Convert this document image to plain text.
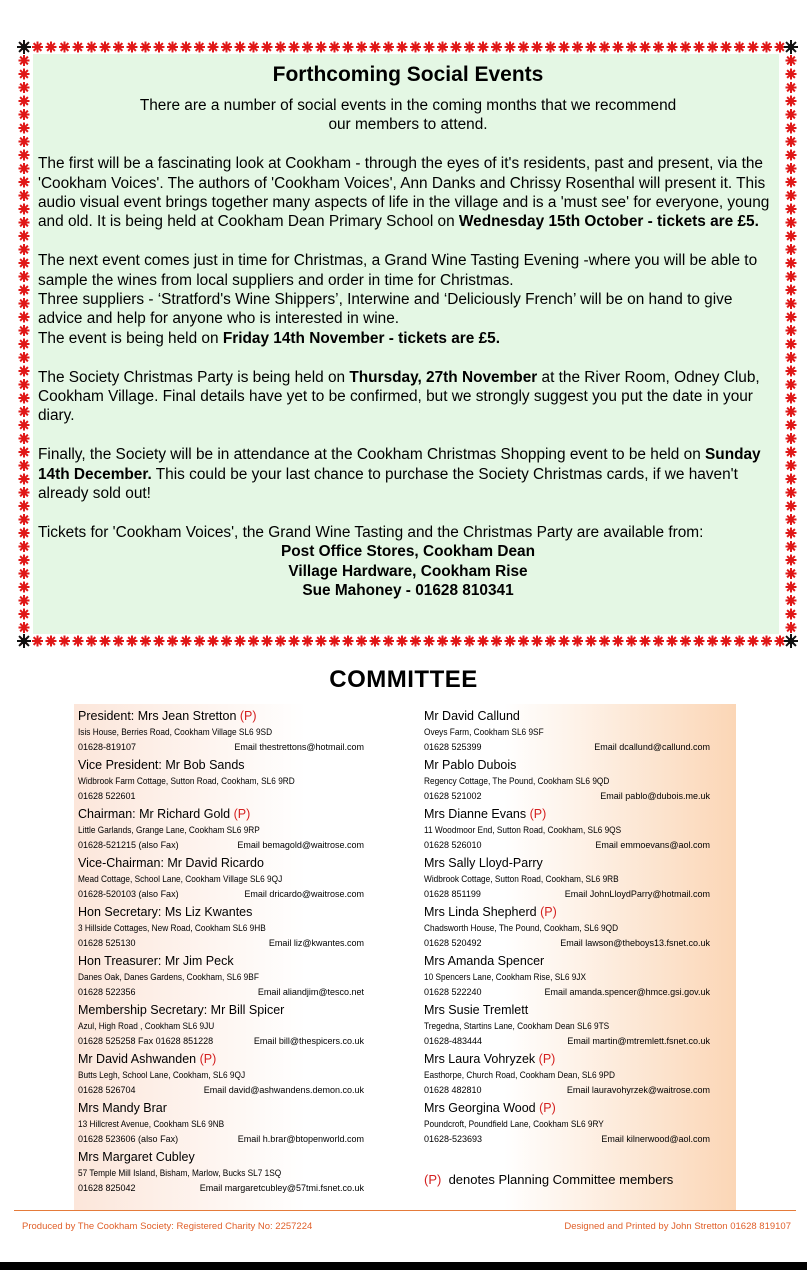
Forthcoming Social Events

There are a number of social events in the coming months that we recommend our members to attend.

The first will be a fascinating look at Cookham - through the eyes of it's residents, past and present, via the 'Cookham Voices'. The authors of 'Cookham Voices', Ann Danks and Chrissy Rosenthal will present it. This audio visual event brings together many aspects of life in the village and is a 'must see' for everyone, young and old. It is being held at Cookham Dean Primary School on Wednesday 15th October - tickets are £5.

The next event comes just in time for Christmas, a Grand Wine Tasting Evening -where you will be able to sample the wines from local suppliers and order in time for Christmas.
Three suppliers - ‘Stratford's Wine Shippers’, Interwine and ‘Deliciously French’ will be on hand to give advice and help for anyone who is interested in wine.
The event is being held on Friday 14th November - tickets are £5.

The Society Christmas Party is being held on Thursday, 27th November at the River Room, Odney Club, Cookham Village. Final details have yet to be confirmed, but we strongly suggest you put the date in your diary.

Finally, the Society will be in attendance at the Cookham Christmas Shopping event to be held on Sunday 14th December. This could be your last chance to purchase the Society Christmas cards, if we haven't already sold out!

Tickets for 'Cookham Voices', the Grand Wine Tasting and the Christmas Party are available from:
Post Office Stores, Cookham Dean
Village Hardware, Cookham Rise
Sue Mahoney - 01628 810341
COMMITTEE
President: Mrs Jean Stretton (P)
Isis House, Berries Road, Cookham Village SL6 9SD
01628-819107	Email thestrettons@hotmail.com
Vice President: Mr Bob Sands
Widbrook Farm Cottage, Sutton Road, Cookham, SL6 9RD
01628 522601
Chairman: Mr Richard Gold (P)
Little Garlands, Grange Lane, Cookham SL6 9RP
01628-521215 (also Fax)	Email bemagold@waitrose.com
Vice-Chairman: Mr David Ricardo
Mead Cottage, School Lane, Cookham Village SL6 9QJ
01628-520103 (also Fax)	Email dricardo@waitrose.com
Hon Secretary: Ms Liz Kwantes
3 Hillside Cottages, New Road, Cookham SL6 9HB
01628 525130	Email liz@kwantes.com
Hon Treasurer: Mr Jim Peck
Danes Oak, Danes Gardens, Cookham, SL6 9BF
01628 522356	Email aliandjim@tesco.net
Membership Secretary: Mr Bill Spicer
Azul, High Road , Cookham SL6 9JU
01628 525258 Fax 01628 851228	Email bill@thespicers.co.uk
Mr David Ashwanden (P)
Butts Legh, School Lane, Cookham, SL6 9QJ
01628 526704	Email david@ashwandens.demon.co.uk
Mrs Mandy Brar
13 Hillcrest Avenue, Cookham SL6 9NB
01628 523606 (also Fax)	Email h.brar@btopenworld.com
Mrs Margaret Cubley
57 Temple Mill Island, Bisham, Marlow, Bucks SL7 1SQ
01628 825042	Email margaretcubley@57tmi.fsnet.co.uk
Mr David Callund
Oveys Farm, Cookham SL6 9SF
01628 525399	Email dcallund@callund.com
Mr Pablo Dubois
Regency Cottage, The Pound, Cookham SL6 9QD
01628 521002	Email pablo@dubois.me.uk
Mrs Dianne Evans (P)
11 Woodmoor End, Sutton Road, Cookham, SL6 9QS
01628 526010	Email emmoevans@aol.com
Mrs Sally Lloyd-Parry
Widbrook Cottage, Sutton Road, Cookham, SL6 9RB
01628 851199	Email JohnLloydParry@hotmail.com
Mrs Linda Shepherd (P)
Chadsworth House, The Pound, Cookham, SL6 9QD
01628 520492	Email lawson@theboys13.fsnet.co.uk
Mrs Amanda Spencer
10 Spencers Lane, Cookham Rise, SL6 9JX
01628 522240	Email amanda.spencer@hmce.gsi.gov.uk
Mrs Susie Tremlett
Tregedna, Startins Lane, Cookham Dean SL6 9TS
01628-483444	Email martin@mtremlett.fsnet.co.uk
Mrs Laura Vohryzek (P)
Easthorpe, Church Road, Cookham Dean, SL6 9PD
01628 482810	Email lauravohyrzek@waitrose.com
Mrs Georgina Wood (P)
Poundcroft, Poundfield Lane, Cookham SL6 9RY
01628-523693	Email kilnerwood@aol.com
(P) denotes Planning Committee members
Produced by The Cookham Society: Registered Charity No: 2257224	Designed and Printed by John Stretton 01628 819107
